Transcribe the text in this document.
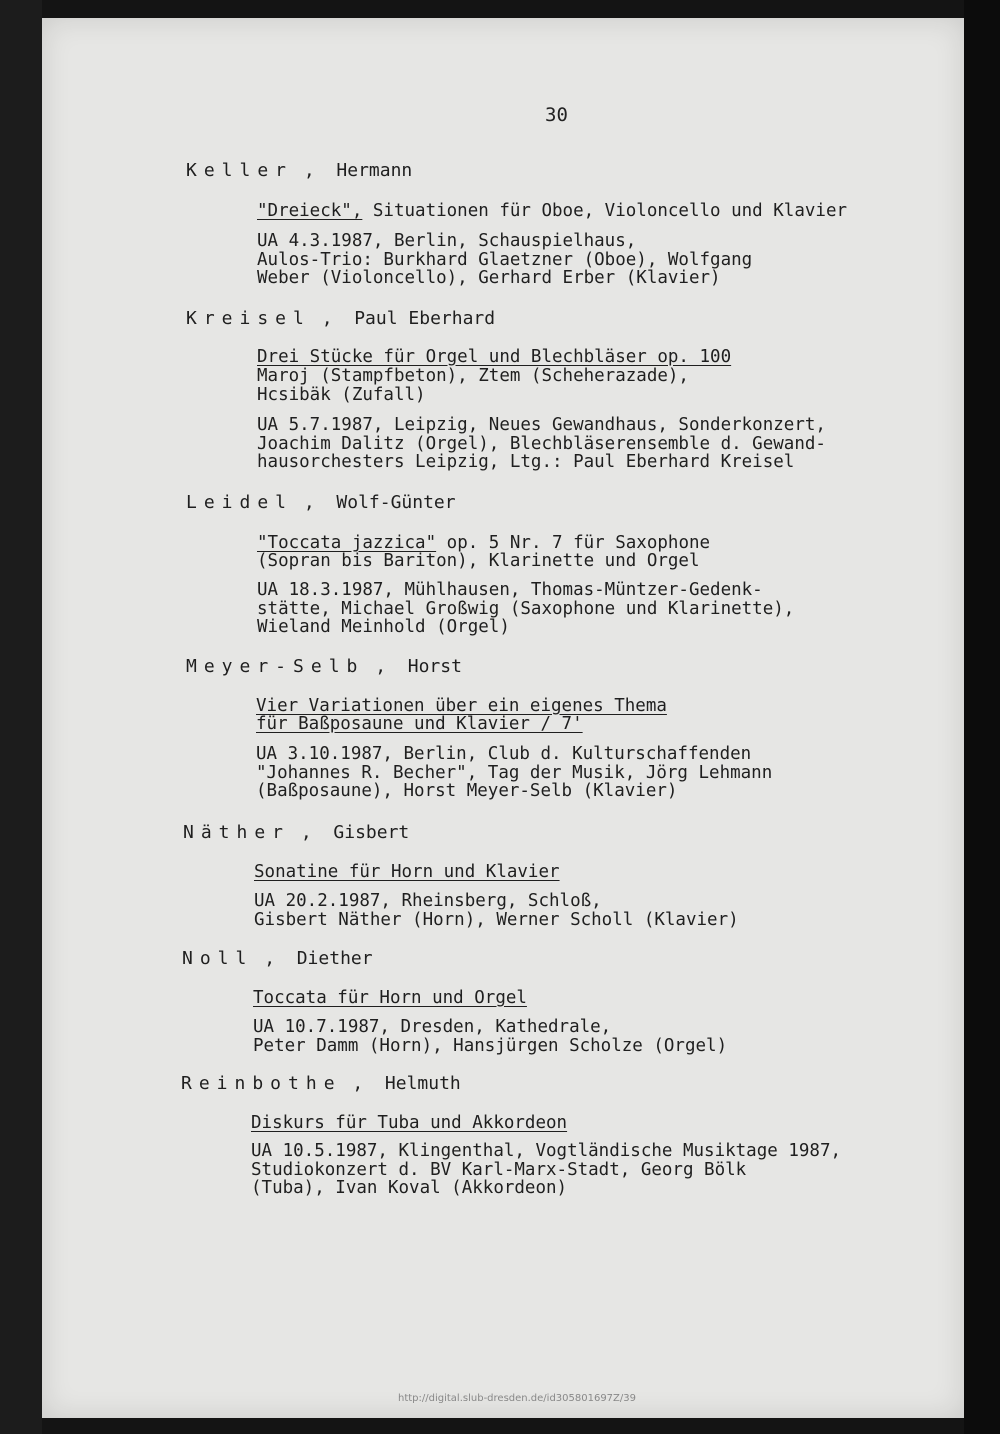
30
Keller ,  Hermann
"Dreieck", Situationen für Oboe, Violoncello und Klavier
UA 4.3.1987, Berlin, Schauspielhaus,
Aulos-Trio: Burkhard Glaetzner (Oboe), Wolfgang
Weber (Violoncello), Gerhard Erber (Klavier)
Kreisel ,  Paul Eberhard
Drei Stücke für Orgel und Blechbläser op. 100
Maroj (Stampfbeton), Ztem (Scheherazade),
Hcsibäk (Zufall)
UA 5.7.1987, Leipzig, Neues Gewandhaus, Sonderkonzert,
Joachim Dalitz (Orgel), Blechbläserensemble d. Gewand-
hausorchesters Leipzig, Ltg.: Paul Eberhard Kreisel
Leidel ,  Wolf-Günter
"Toccata jazzica" op. 5 Nr. 7 für Saxophone
(Sopran bis Bariton), Klarinette und Orgel
UA 18.3.1987, Mühlhausen, Thomas-Müntzer-Gedenk-
stätte, Michael Großwig (Saxophone und Klarinette),
Wieland Meinhold (Orgel)
Meyer-Selb ,  Horst
Vier Variationen über ein eigenes Thema
für Baßposaune und Klavier / 7'
UA 3.10.1987, Berlin, Club d. Kulturschaffenden
"Johannes R. Becher", Tag der Musik, Jörg Lehmann
(Baßposaune), Horst Meyer-Selb (Klavier)
Näther ,  Gisbert
Sonatine für Horn und Klavier
UA 20.2.1987, Rheinsberg, Schloß,
Gisbert Näther (Horn), Werner Scholl (Klavier)
Noll ,  Diether
Toccata für Horn und Orgel
UA 10.7.1987, Dresden, Kathedrale,
Peter Damm (Horn), Hansjürgen Scholze (Orgel)
Reinbothe ,  Helmuth
Diskurs für Tuba und Akkordeon
UA 10.5.1987, Klingenthal, Vogtländische Musiktage 1987,
Studiokonzert d. BV Karl-Marx-Stadt, Georg Bölk
(Tuba), Ivan Koval (Akkordeon)
http://digital.slub-dresden.de/id305801697Z/39
